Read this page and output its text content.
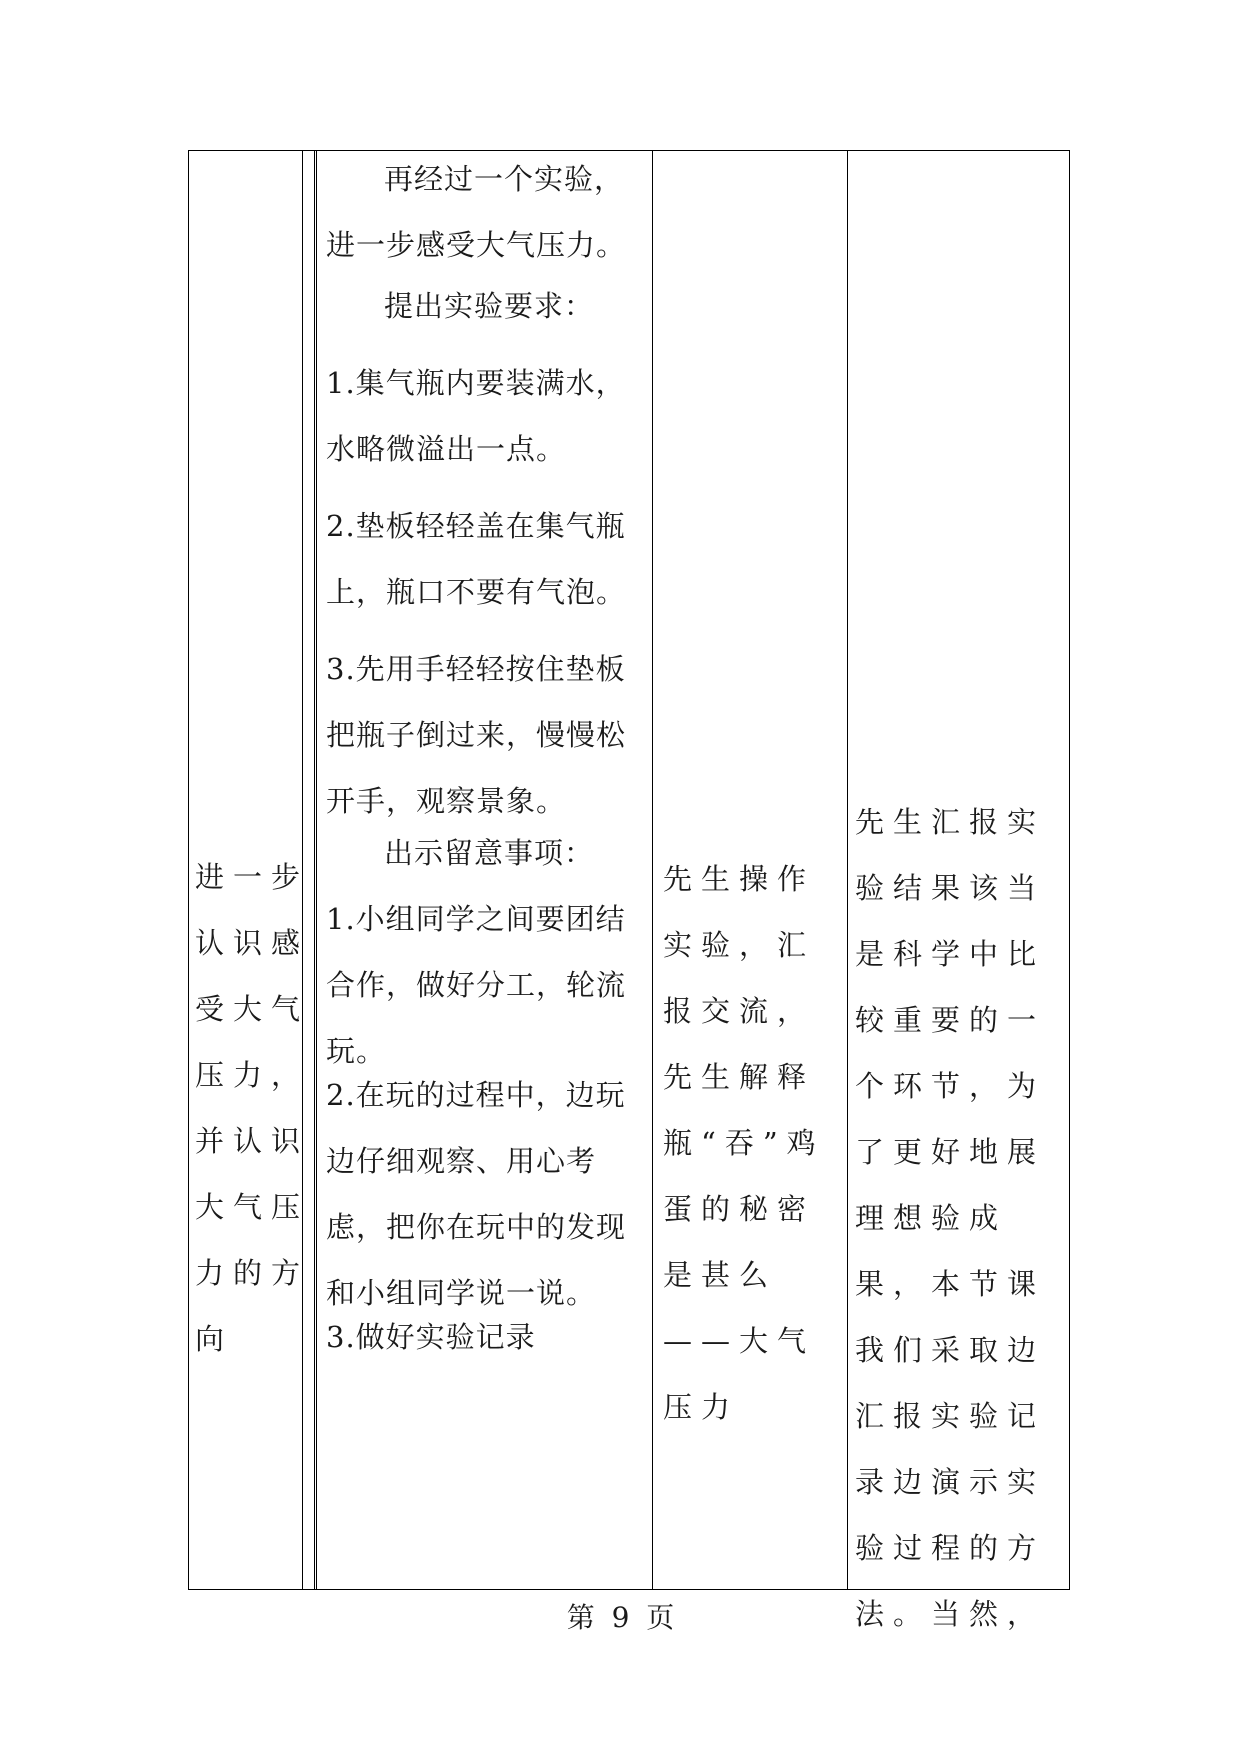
进一步认识感受大气压力，并认识大气压力的方向

再经过一个实验，进一步感受大气压力。

提出实验要求：

1.集气瓶内要装满水，水略微溢出一点。

2.垫板轻轻盖在集气瓶上，瓶口不要有气泡。

3.先用手轻轻按住垫板把瓶子倒过来，慢慢松开手，观察景象。

出示留意事项：

1.小组同学之间要团结合作，做好分工，轮流玩。

2.在玩的过程中，边玩边仔细观察、用心考虑，把你在玩中的发现和小组同学说一说。

3.做好实验记录

先生操作实验，汇报交流，先生解释瓶“吞”鸡蛋的秘密是甚么——大气压力

先生汇报实验结果该当是科学中比较重要的一个环节，为了更好地展理想验成果，本节课我们采取边汇报实验记录边演示实验过程的方法。当然，

第 9 页
